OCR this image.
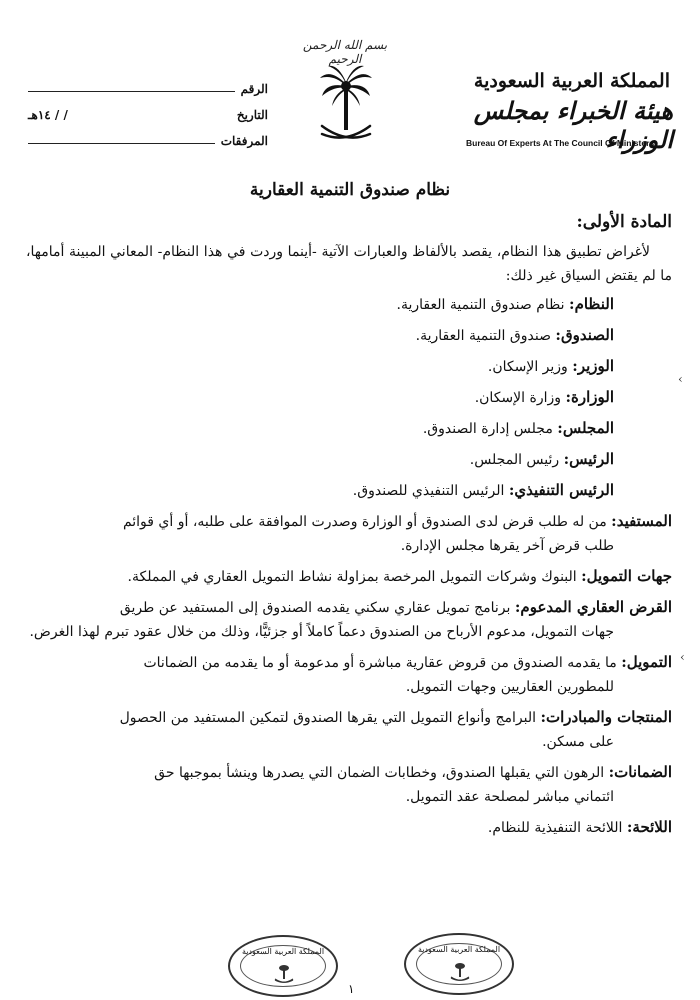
بسم الله الرحمن الرحيم
المملكة العربية السعودية
هيئة الخبراء بمجلس الوزراء
Bureau Of Experts At The Council Of Ministers
الرقم
التاريخ
/ / ١٤هـ
المرفقات
نظام صندوق التنمية العقارية
المادة الأولى:

لأغراض تطبيق هذا النظام، يقصد بالألفاظ والعبارات الآتية -أينما وردت في هذا النظام- المعاني المبينة أمامها، ما لم يقتض السياق غير ذلك:

النظام: نظام صندوق التنمية العقارية.
الصندوق: صندوق التنمية العقارية.
الوزير: وزير الإسكان.
الوزارة: وزارة الإسكان.
المجلس: مجلس إدارة الصندوق.
الرئيس: رئيس المجلس.
الرئيس التنفيذي: الرئيس التنفيذي للصندوق.
المستفيد: من له طلب قرض لدى الصندوق أو الوزارة وصدرت الموافقة على طلبه، أو أي قوائم
طلب قرض آخر يقرها مجلس الإدارة.
جهات التمويل: البنوك وشركات التمويل المرخصة بمزاولة نشاط التمويل العقاري في المملكة.
القرض العقاري المدعوم: برنامج تمويل عقاري سكني يقدمه الصندوق إلى المستفيد عن طريق
جهات التمويل، مدعوم الأرباح من الصندوق دعماً كاملاً أو جزئيًّا، وذلك من خلال عقود تبرم لهذا الغرض.
التمويل: ما يقدمه الصندوق من قروض عقارية مباشرة أو مدعومة أو ما يقدمه من الضمانات
للمطورين العقاريين وجهات التمويل.
المنتجات والمبادرات: البرامج وأنواع التمويل التي يقرها الصندوق لتمكين المستفيد من الحصول
على مسكن.
الضمانات: الرهون التي يقبلها الصندوق، وخطابات الضمان التي يصدرها وينشأ بموجبها حق
ائتماني مباشر لمصلحة عقد التمويل.
اللائحة: اللائحة التنفيذية للنظام.
‹
‹
المملكة العربية السعودية	المملكة العربية السعودية
١
